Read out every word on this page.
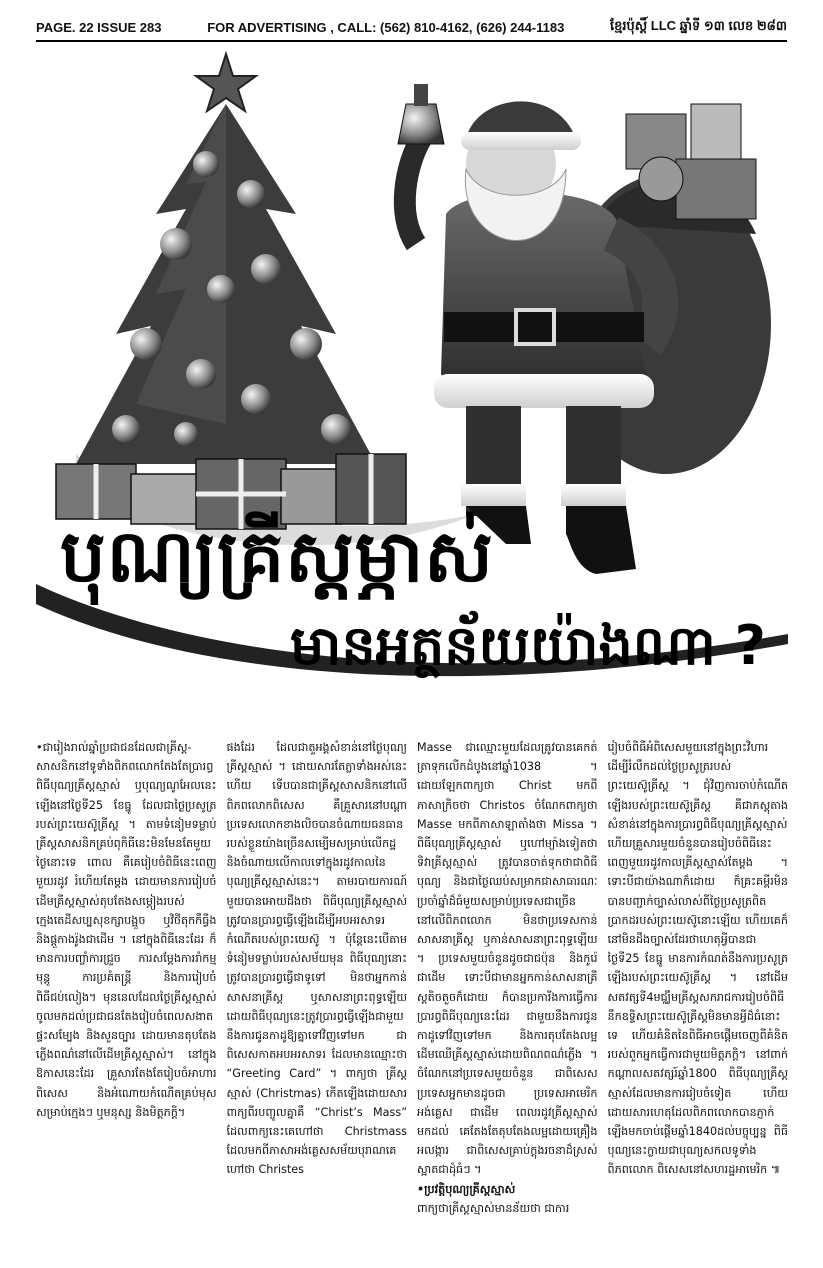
PAGE. 22 ISSUE 283	FOR ADVERTISING , CALL: (562) 810-4162, (626) 244-1183	ខ្មែរប៉ុស្តិ៍ LLC ឆ្នាំទី ១៣ លេខ ២៨៣
បុណ្យគ្រីស្តម្ភាស់
មានអត្ថន័យយ៉ាងណា ?

•ជារៀងរាល់ឆ្នាំប្រជាជនដែលជាគ្រីស្ត-សាសនិកនៅទូទាំងពិភពលោកតែងតែប្រារព្ធពិធីបុណ្យគ្រីស្តស្មាស់ ឬបុណ្យណូអែលនេះឡើងនៅថ្ងៃទី25 ខែធ្នូ ដែលជាថ្ងៃប្រសូត្ររបស់ព្រះយេស៊ូគ្រីស្ត ។ តាមទំនៀមទម្លាប់គ្រីស្តសាសនិកគ្រប់ពុកិធីនេះមិនមែនតែមួយថ្ងៃនោះទេ ពោល គឺគេរៀបចំពិធីនេះពេញមួយរដូវ រំហើយតែម្តង ដោយមានការរៀបចំដើមគ្រីស្តស្មាស់តុបតែងសម្ភៀងរបស់ក្មេងតេដីសប្បសុខក្សាបង្អួច ឬវិថីតុកកឹធ្វីង និងផ្តួកាងរ៉ូងជាដើម ។ នៅក្នុងពិធីនេះដែរ ក៏មានការបញ្ចាំការជ្រួច ការសម្តែងការរាំកម្មមុន្តូ ការប្រគំតន្ត្រី និងការរៀបចំពិធីជប់លៀង។ មុននេលដែលថ្ងៃគ្រីស្តស្មាស់ចូលមកដល់ប្រជាជនតែងរៀបចំពេលសងាតផ្ទះសម្បែង និងសួនច្បារ ដោយមានតុបតែងភ្លើងពណ៌នៅលើដើមគ្រីស្តស្មាស់។ នៅក្នុងឱកាសនេះដែរ គ្រួសារតែងតែរៀបចំអាហារពិសេស និងអំណោយកំណើតគ្រប់មុសសម្រាប់ក្មេងៗ ឬមនុស្ស និងមិត្តភក្តិ។

ផងដែរ ដែលជាតួអង្គសំខាន់នៅថ្ងៃបុណ្យគ្រីស្តស្មាស់ ។ ដោយសារតែភ្លាទាំងអស់នេះហើយ ទើបបានជាគ្រីស្តសាសនិកនៅលើពិភពលោកពិសេស គឺគ្រួសារនៅបណ្តាប្រទេសលោកខាងលិចបានចំណាយធនធានរបស់ខ្លួនយ៉ាងច្រើនសម្បើមសម្រាប់លើកដ្ឋ និងចំណាយលើកាលទៅក្នុងរដូវកាលនៃបុណ្យគ្រីស្តស្មាស់នេះ។ តាមរបាយការណ៍មួយបានអោយដឹងថា ពិធីបុណ្យគ្រីស្តស្មាស់ត្រូវបានប្រារព្ធធ្វើឡើងដើម្បីអបអរសាទរកំណើតរបស់ព្រះយេស៊ូ ។ ប៉ុន្តែនេះបើតាមទំនៀមទម្លាប់របស់សម័យមុន ពិធីបុណ្យនោះត្រូវបានប្រារព្ធធ្វើជាទូទៅ មិនថាអ្នកកាន់សាសនាគ្រីស្ត ឬសាសនាព្រះពុទ្ធឡើយ ដោយពិធីបុណ្យនេះត្រូវប្រារព្ធធ្វើឡើងជាមួយនឹងការជូនកាដូឱ្យគ្នាទៅវិញទៅមក ជាពិសេសកាតអបអរសាទរ ដែលមានឈ្មោះថា “Greeting Card” ។ ពាក្យថា គ្រីស្តស្មាស់ (Christmas) កើតឡើងដោយសារ ពាក្យពីរបញ្ចូលគ្នាគឺ “Christ’s Mass” ដែលពាក្យនេះគេហៅថា Christmass ដែលមកពីភាសាអង់គ្លេសសម័យបុរាណគេហៅថា Christes

Masse ជាឈ្មោះមួយដែលត្រូវបានគេកត់ត្រាទុកលើកដំបូងនៅឆ្នាំ1038 ។ ដោយឡែកពាក្យថា Christ មកពីភាសាក្រិចថា Christos ចំណែកពាក្យថា Masse មកពីភាសាឡាតាំងថា Missa ។ ពិធីបុណ្យគ្រីស្តស្មាស់ ឬហៅម្យ៉ាងទៀតថា ទិវាគ្រីស្តស្មាស់ ត្រូវបានចាត់ទុកថាជាពិធីបុណ្យ និងជាថ្ងៃឈប់សម្រាកជាសាធារណៈ ប្រចាំឆ្នាំដ៏ធំមួយសម្រាប់ប្រទេសជាច្រើននៅលើពិភពលោក មិនថាប្រទេសកាន់សាសនាគ្រីស្ត ឬកាន់សាសនាព្រះពុទ្ធឡើយ ។ ប្រទេសមួយចំនួនដូចជាជប៉ុន និងកូរ៉េជាដើម ទោះបីជាមានអ្នកកាន់សាសនាគ្រីស្តតិចតួចក៏ដោយ ក៏បានប្រការីងការធ្វើការប្រារព្ធពិធីបុណ្យនេះដែរ ជាមួយនឹងការជូនកាដូទៅវិញទៅមក និងការតុបតែងលម្អដើមឈើគ្រីស្តស្មាស់ដោយពិណពណ៌ភ្លើង ។ ចំណែកនៅប្រទេសមួយចំនួន ជាពិសេសប្រទេសអ្នកមានដូចជា ប្រទេសអាមេរិក អង់គ្លេស ជាដើម ពេលរដូវគ្រីស្តស្មាស់មកដល់ គេតែងតែតុបតែងលម្អដោយគ្រឿងអលង្ការ ជាពិសេសគ្រាប់ក្តុងរចនាដ៏ស្រស់ស្អាតជាដុំធំៗ ។

•ប្រវត្តិបុណ្យគ្រីស្តស្មាស់

ពាក្យថាគ្រីស្តស្មាស់មានន័យថា ជាការ

រៀបចំពិធីអំពិសេសមួយនៅក្នុងព្រះវិហារដើម្បីរំលឹកដល់ថ្ងៃប្រសូត្ររបស់ព្រះយេស៊ូគ្រីស្ត ។ ជុំវិញការចាប់កំណើតឡើងរបស់ព្រះយេស៊ូគ្រីស្ត គឺជាភស្តុតាងសំខាន់នៅក្នុងការប្រារព្ធពិធីបុណ្យគ្រីស្តស្មាស់ហើយគ្រួសារមួយចំនួនបានរៀបចំពិធីនេះពេញមួយរដូវកាលគ្រីស្តស្មាស់តែម្តង ។ ទោះបីជាយ៉ាងណាក៏ដោយ ក៏គ្រះគម្ពីរមិនបានបញ្ជាក់ច្បាស់លាស់ពីថ្ងៃប្រសូត្រពិតប្រាកដរបស់ព្រះយេស៊ូនោះឡើយ ហើយគេក៏នៅមិនដឹងច្បាស់ដែរថាហេតុអ្វីបានជាថ្ងៃទី25 ខែធ្នូ មានការកំណត់នឹងការប្រសូត្រឡើងរបស់ព្រះយេស៊ូគ្រីស្ត ។ នៅដើមសតវត្សទី4មជ្ឈឹមគ្រីស្តសករាជការរៀបចំពិធីនឹកឧទ្ទិសព្រះយេស៊ូគ្រីស្តមិនមានអ្វីដ៏ធំនោះទេ ហើយគំនិតនៃពិធីអាចផ្តើមចេញពីគំនិតរបស់ពួកអ្នកធ្វើការជាមួយមិត្តភក្តិ។ នៅពាក់កណ្តាលសតវត្សរ៍ឆ្នាំ1800 ពិធីបុណ្យគ្រីស្តស្មាស់ដែលមានការរៀបចំទៀត ហើយដោយសារហេតុដែលពិភពលោកបានភ្ញាក់ឡើងមកចាប់ផ្តើមឆ្នាំ1840ដល់បច្ចុប្បន្ន ពិធីបុណ្យនេះក្លាយជាបុណ្យសកលទូទាំងពិភពលោក ពិសេសនៅសហរដ្ឋអាមេរិក ៕
